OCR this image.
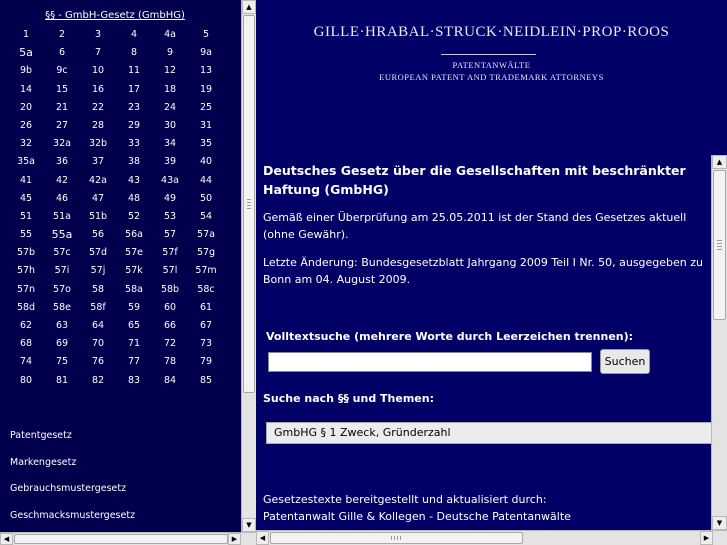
§§ - GmbH-Gesetz (GmbHG)
1	2	3	4	4a	5
5a	6	7	8	9	9a
9b	9c	10	11	12	13
14	15	16	17	18	19
20	21	22	23	24	25
26	27	28	29	30	31
32	32a	32b	33	34	35
35a	36	37	38	39	40
41	42	42a	43	43a	44
45	46	47	48	49	50
51	51a	51b	52	53	54
55	55a	56	56a	57	57a
57b	57c	57d	57e	57f	57g
57h	57i	57j	57k	57l	57m
57n	57o	58	58a	58b	58c
58d	58e	58f	59	60	61
62	63	64	65	66	67
68	69	70	71	72	73
74	75	76	77	78	79
80	81	82	83	84	85
Patentgesetz
Markengesetz
Gebrauchsmustergesetz
Geschmacksmustergesetz
▲
▼
◀	▶
GILLE·HRABAL·STRUCK·NEIDLEIN·PROP·ROOS
PATENTANWÄLTE
EUROPEAN PATENT AND TRADEMARK ATTORNEYS
Deutsches Gesetz über die Gesellschaften mit beschränkter Haftung (GmbHG)
Gemäß einer Überprüfung am 25.05.2011 ist der Stand des Gesetzes aktuell (ohne Gewähr).
Letzte Änderung: Bundesgesetzblatt Jahrgang 2009 Teil I Nr. 50, ausgegeben zu Bonn am 04. August 2009.
Volltextsuche (mehrere Worte durch Leerzeichen trennen):
Suchen
Suche nach §§ und Themen:
GmbHG § 1 Zweck, Gründerzahl
Gesetzestexte bereitgestellt und aktualisiert durch:
Patentanwalt Gille & Kollegen - Deutsche Patentanwälte
▲
▼
◀	▶
